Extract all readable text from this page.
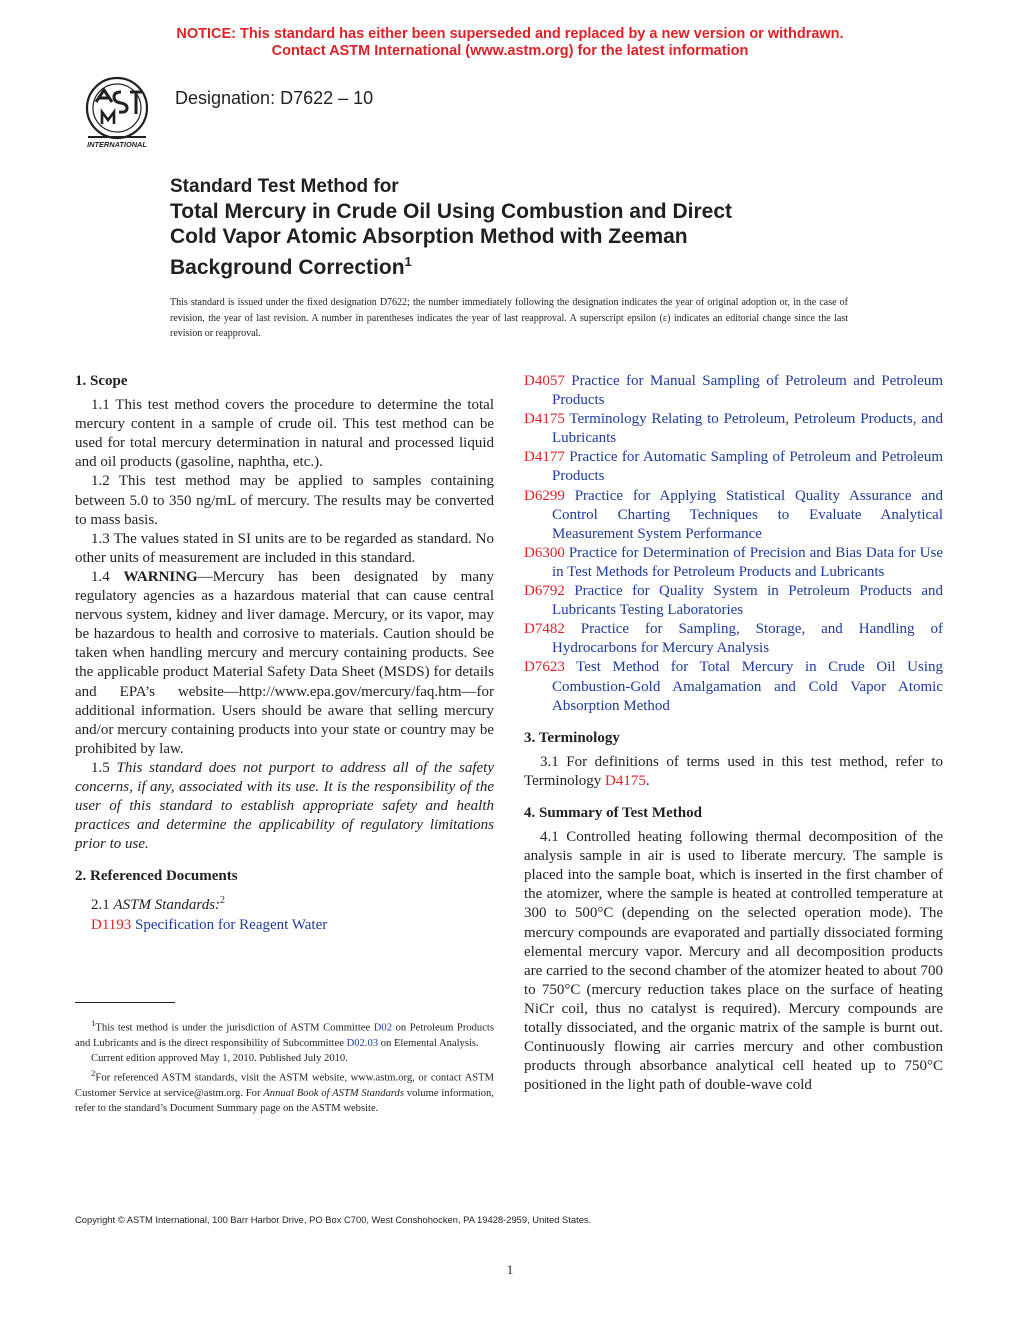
NOTICE: This standard has either been superseded and replaced by a new version or withdrawn.
Contact ASTM International (www.astm.org) for the latest information
INTERNATIONAL
Designation: D7622 – 10
Standard Test Method for
Total Mercury in Crude Oil Using Combustion and Direct
Cold Vapor Atomic Absorption Method with Zeeman
Background Correction$^1$
This standard is issued under the fixed designation D7622; the number immediately following the designation indicates the year of original adoption or, in the case of revision, the year of last revision. A number in parentheses indicates the year of last reapproval. A superscript epsilon (ε) indicates an editorial change since the last revision or reapproval.

1. Scope

1.1 This test method covers the procedure to determine the total mercury content in a sample of crude oil. This test method can be used for total mercury determination in natural and processed liquid and oil products (gasoline, naphtha, etc.).

1.2 This test method may be applied to samples containing between 5.0 to 350 ng/mL of mercury. The results may be converted to mass basis.

1.3 The values stated in SI units are to be regarded as standard. No other units of measurement are included in this standard.

1.4 WARNING—Mercury has been designated by many regulatory agencies as a hazardous material that can cause central nervous system, kidney and liver damage. Mercury, or its vapor, may be hazardous to health and corrosive to materials. Caution should be taken when handling mercury and mercury containing products. See the applicable product Material Safety Data Sheet (MSDS) for details and EPA’s website—http://www.epa.gov/mercury/faq.htm—for additional information. Users should be aware that selling mercury and/or mercury containing products into your state or country may be prohibited by law.

1.5 This standard does not purport to address all of the safety concerns, if any, associated with its use. It is the responsibility of the user of this standard to establish appropriate safety and health practices and determine the applicability of regulatory limitations prior to use.

2. Referenced Documents

2.1 ASTM Standards:$^2$

D1193 Specification for Reagent Water

$^1$This test method is under the jurisdiction of ASTM Committee D02 on Petroleum Products and Lubricants and is the direct responsibility of Subcommittee D02.03 on Elemental Analysis.

Current edition approved May 1, 2010. Published July 2010.

$^2$For referenced ASTM standards, visit the ASTM website, www.astm.org, or contact ASTM Customer Service at service@astm.org. For Annual Book of ASTM Standards volume information, refer to the standard’s Document Summary page on the ASTM website.

D4057 Practice for Manual Sampling of Petroleum and Petroleum Products

D4175 Terminology Relating to Petroleum, Petroleum Products, and Lubricants

D4177 Practice for Automatic Sampling of Petroleum and Petroleum Products

D6299 Practice for Applying Statistical Quality Assurance and Control Charting Techniques to Evaluate Analytical Measurement System Performance

D6300 Practice for Determination of Precision and Bias Data for Use in Test Methods for Petroleum Products and Lubricants

D6792 Practice for Quality System in Petroleum Products and Lubricants Testing Laboratories

D7482 Practice for Sampling, Storage, and Handling of Hydrocarbons for Mercury Analysis

D7623 Test Method for Total Mercury in Crude Oil Using Combustion-Gold Amalgamation and Cold Vapor Atomic Absorption Method

3. Terminology

3.1 For definitions of terms used in this test method, refer to Terminology D4175.

4. Summary of Test Method

4.1 Controlled heating following thermal decomposition of the analysis sample in air is used to liberate mercury. The sample is placed into the sample boat, which is inserted in the first chamber of the atomizer, where the sample is heated at controlled temperature at 300 to 500°C (depending on the selected operation mode). The mercury compounds are evaporated and partially dissociated forming elemental mercury vapor. Mercury and all decomposition products are carried to the second chamber of the atomizer heated to about 700 to 750°C (mercury reduction takes place on the surface of heating NiCr coil, thus no catalyst is required). Mercury compounds are totally dissociated, and the organic matrix of the sample is burnt out. Continuously flowing air carries mercury and other combustion products through absorbance analytical cell heated up to 750°C positioned in the light path of double-wave cold

Copyright © ASTM International, 100 Barr Harbor Drive, PO Box C700, West Conshohocken, PA 19428-2959, United States.
1
